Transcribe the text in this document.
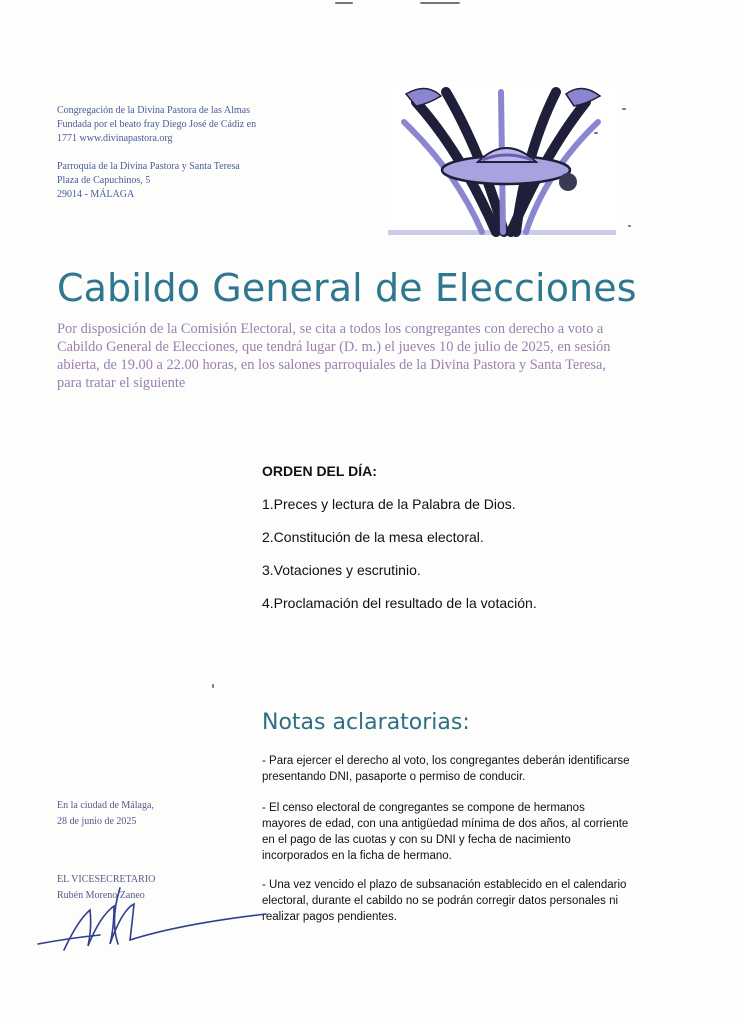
Congregación de la Divina Pastora de las Almas
Fundada por el beato fray Diego José de Cádiz en
1771 www.divinapastora.org
Parroquia de la Divina Pastora y Santa Teresa
Plaza de Capuchinos, 5
29014 - MÁLAGA
Cabildo General de Elecciones
Por disposición de la Comisión Electoral, se cita a todos los congregantes con derecho a voto a Cabildo General de Elecciones, que tendrá lugar (D. m.) el jueves 10 de julio de 2025, en sesión abierta, de 19.00 a 22.00 horas, en los salones parroquiales de la Divina Pastora y Santa Teresa, para tratar el siguiente
ORDEN DEL DÍA:
1.Preces y lectura de la Palabra de Dios.
2.Constitución de la mesa electoral.
3.Votaciones y escrutinio.
4.Proclamación del resultado de la votación.
Notas aclaratorias:
- Para ejercer el derecho al voto, los congregantes deberán identificarse presentando DNI, pasaporte o permiso de conducir.
- El censo electoral de congregantes se compone de hermanos mayores de edad, con una antigüedad mínima de dos años, al corriente en el pago de las cuotas y con su DNI y fecha de nacimiento incorporados en la ficha de hermano.
- Una vez vencido el plazo de subsanación establecido en el calendario electoral, durante el cabildo no se podrán corregir datos personales ni realizar pagos pendientes.
En la ciudad de Málaga,
28 de junio de 2025
EL VICESECRETARIO
Rubén Moreno Zaneo
